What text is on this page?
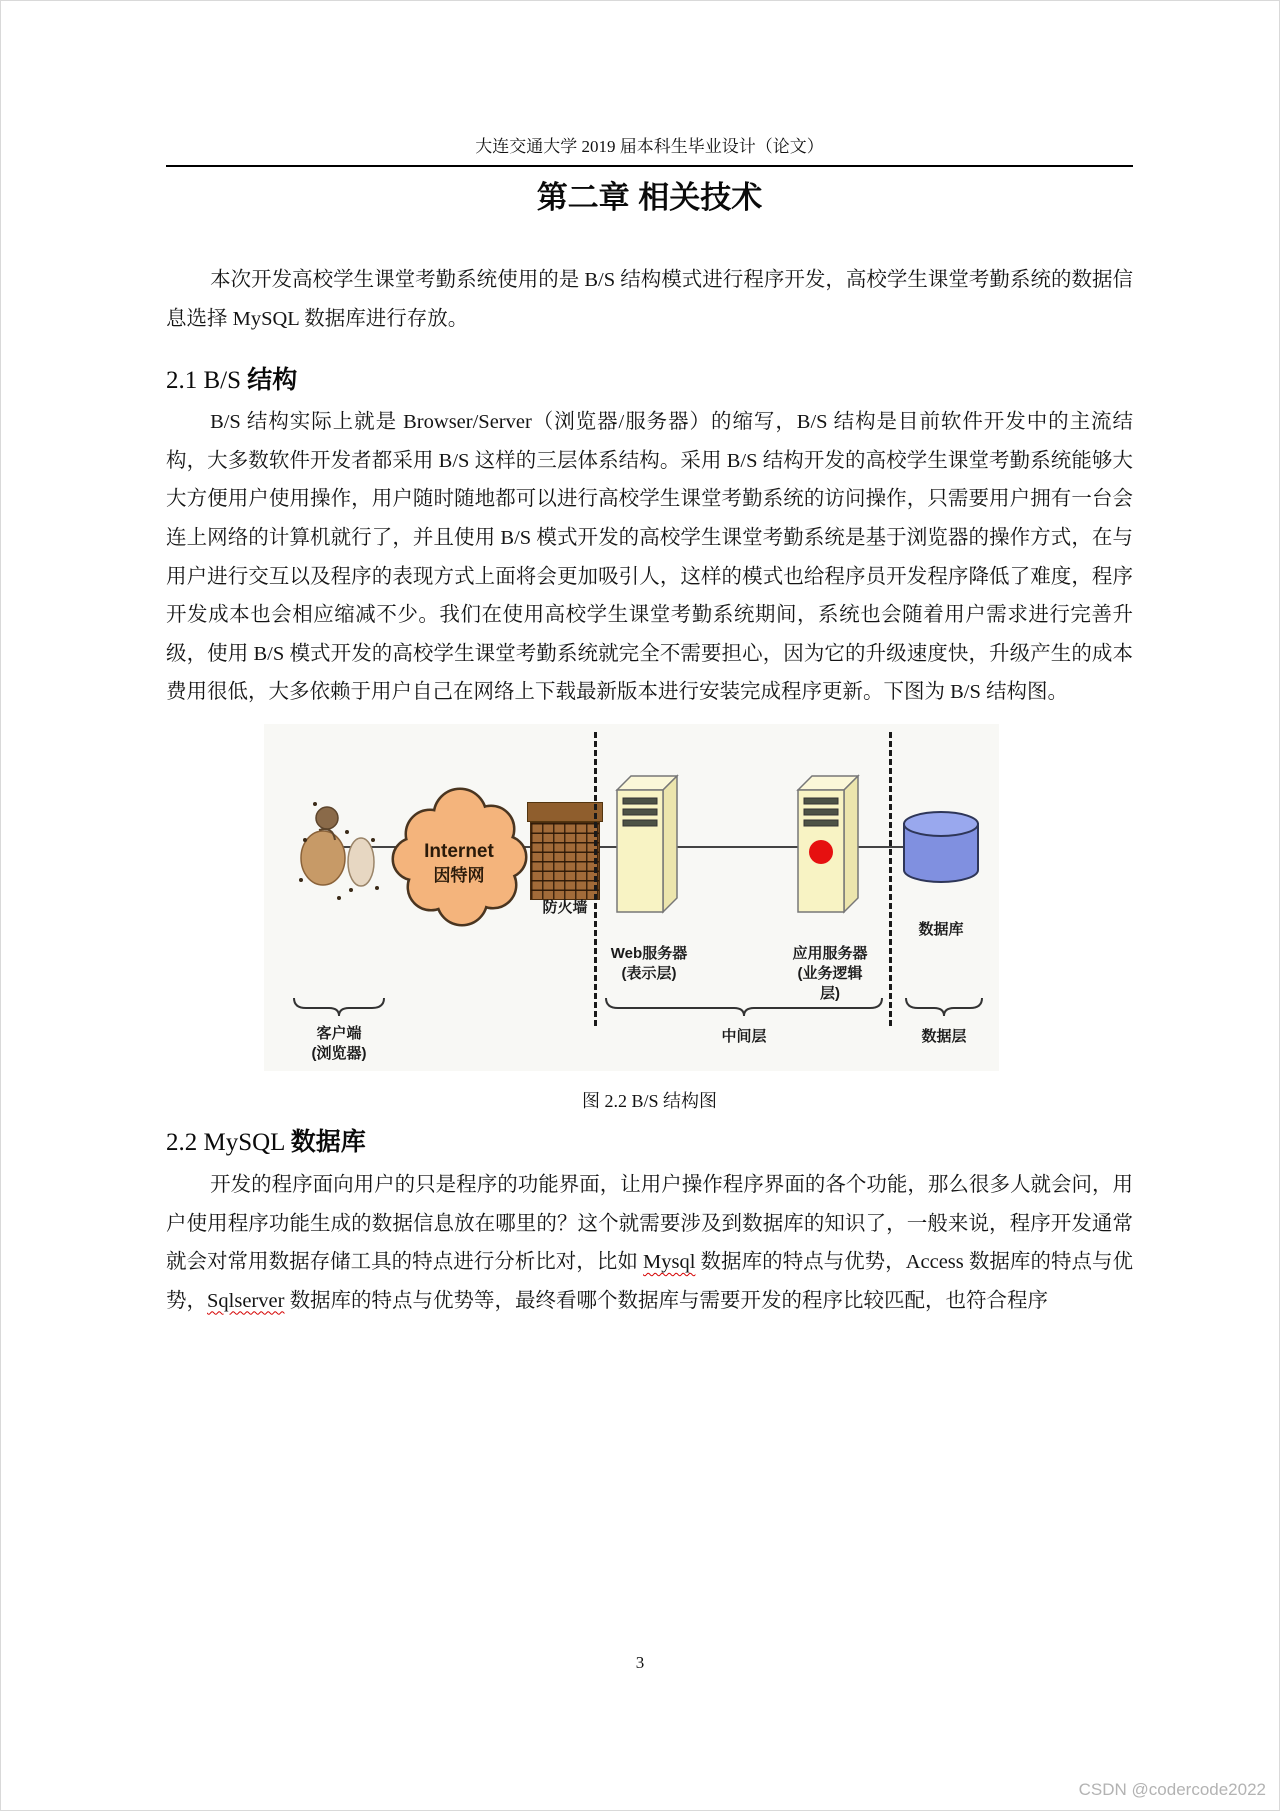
大连交通大学 2019 届本科生毕业设计（论文）
第二章 相关技术

本次开发高校学生课堂考勤系统使用的是 B/S 结构模式进行程序开发，高校学生课堂考勤系统的数据信息选择 MySQL 数据库进行存放。

2.1 B/S 结构

B/S 结构实际上就是 Browser/Server（浏览器/服务器）的缩写，B/S 结构是目前软件开发中的主流结构，大多数软件开发者都采用 B/S 这样的三层体系结构。采用 B/S 结构开发的高校学生课堂考勤系统能够大大方便用户使用操作，用户随时随地都可以进行高校学生课堂考勤系统的访问操作，只需要用户拥有一台会连上网络的计算机就行了，并且使用 B/S 模式开发的高校学生课堂考勤系统是基于浏览器的操作方式，在与用户进行交互以及程序的表现方式上面将会更加吸引人，这样的模式也给程序员开发程序降低了难度，程序开发成本也会相应缩减不少。我们在使用高校学生课堂考勤系统期间，系统也会随着用户需求进行完善升级，使用 B/S 模式开发的高校学生课堂考勤系统就完全不需要担心，因为它的升级速度快，升级产生的成本费用很低，大多依赖于用户自己在网络上下载最新版本进行安装完成程序更新。下图为 B/S 结构图。

Internet
因特网
防火墙
Web服务器
(表示层)
应用服务器
(业务逻辑
层)
数据库
客户端
(浏览器)
中间层	数据层
图 2.2 B/S 结构图
2.2 MySQL 数据库

开发的程序面向用户的只是程序的功能界面，让用户操作程序界面的各个功能，那么很多人就会问，用户使用程序功能生成的数据信息放在哪里的？这个就需要涉及到数据库的知识了，一般来说，程序开发通常就会对常用数据存储工具的特点进行分析比对，比如 Mysql 数据库的特点与优势，Access 数据库的特点与优势，Sqlserver 数据库的特点与优势等，最终看哪个数据库与需要开发的程序比较匹配，也符合程序

3
CSDN @codercode2022
